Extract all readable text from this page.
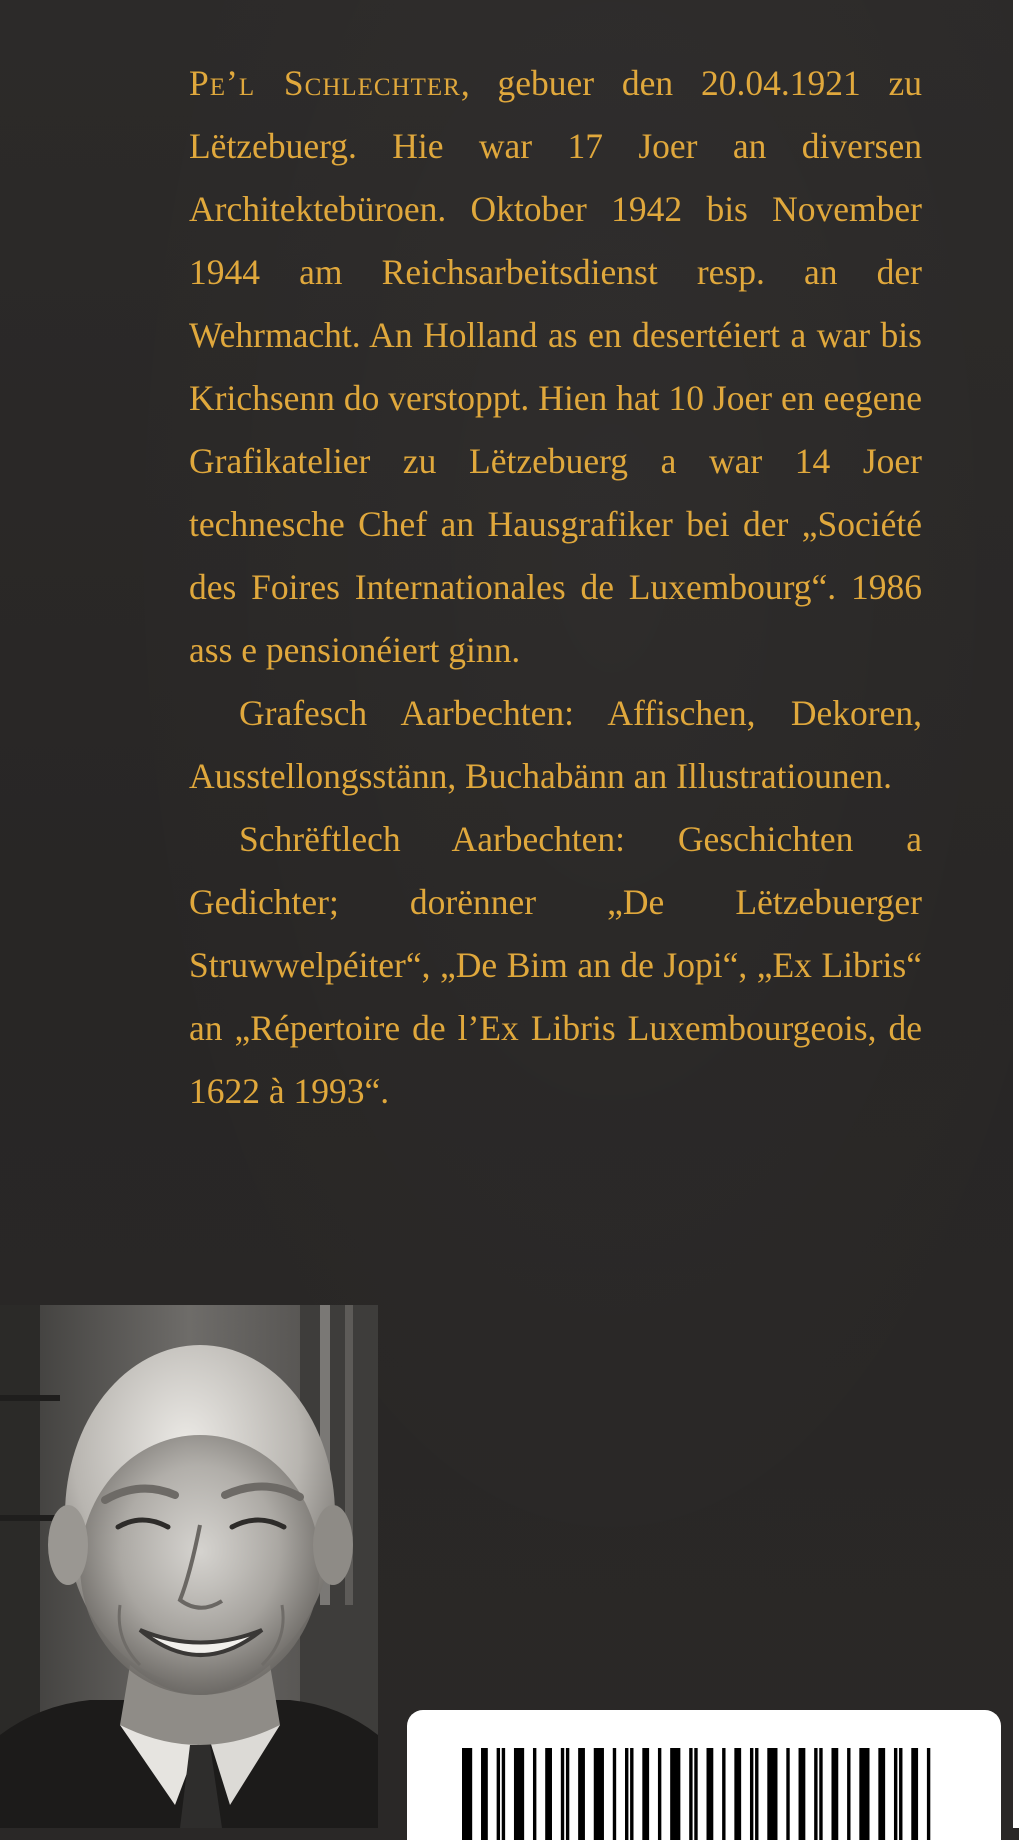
Pe’l Schlechter, gebuer den 20.04.1921 zu Lëtzebuerg. Hie war 17 Joer an diversen Architektebüroen. Oktober 1942 bis November 1944 am Reichsarbeitsdienst resp. an der Wehrmacht. An Holland as en desertéiert a war bis Krichsenn do verstoppt. Hien hat 10 Joer en eegene Grafikatelier zu Lëtzebuerg a war 14 Joer technesche Chef an Hausgrafiker bei der „Société des Foires Internationales de Luxembourg“. 1986 ass e pensionéiert ginn.

Grafesch Aarbechten: Affischen, Dekoren, Ausstellongsstänn, Buchabänn an Illustratiounen.

Schrëftlech Aarbechten: Geschichten a Gedichter; dorënner „De Lëtzebuerger Struwwelpéiter“, „De Bim an de Jopi“, „Ex Libris“ an „Répertoire de l’Ex Libris Luxembourgeois, de 1622 à 1993“.
